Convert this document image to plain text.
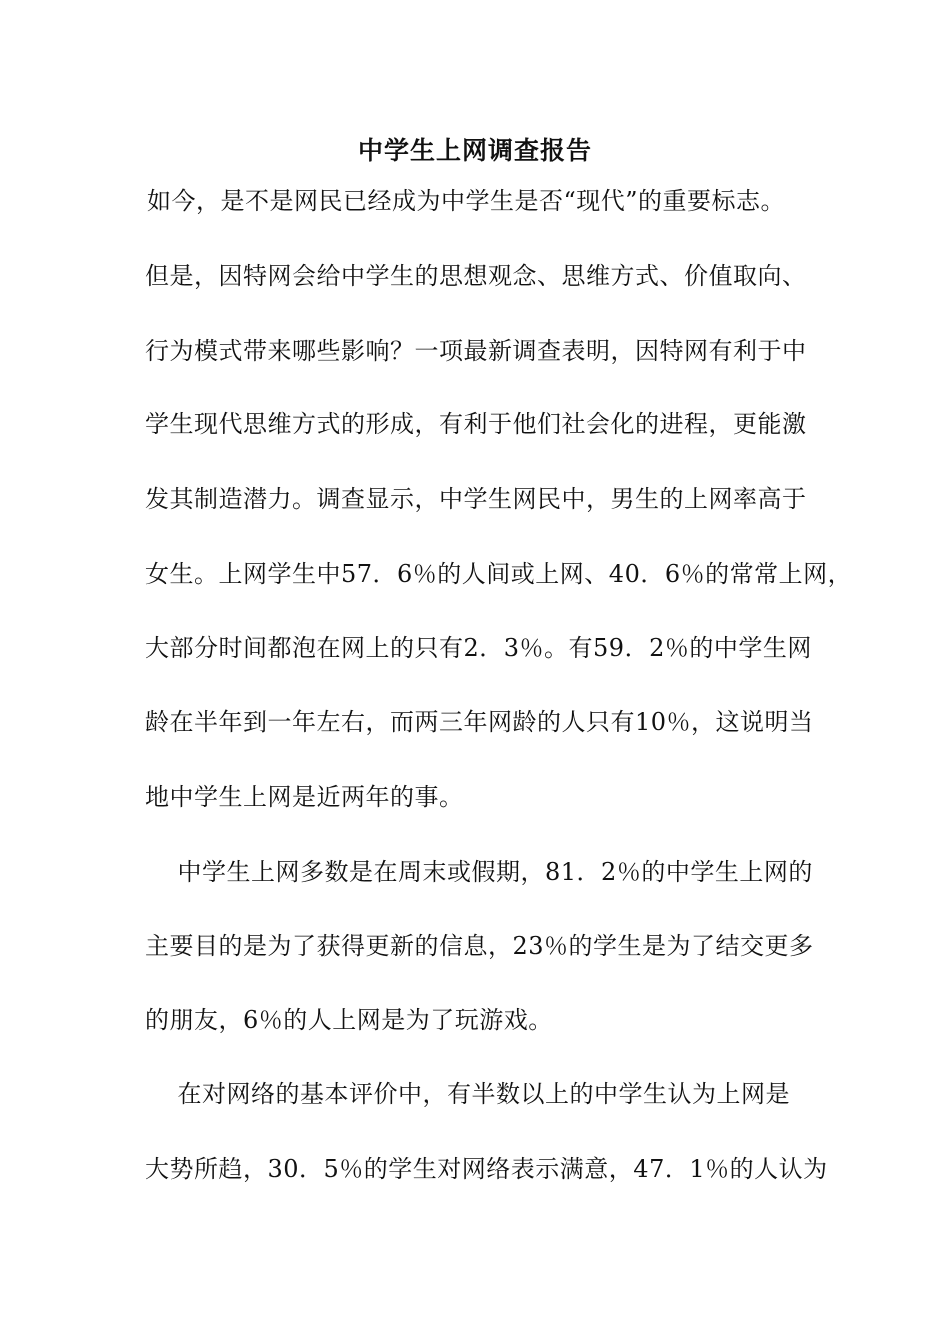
中学生上网调查报告
如今，是不是网民已经成为中学生是否“现代”的重要标志。
但是，因特网会给中学生的思想观念、思维方式、价值取向、
行为模式带来哪些影响？一项最新调查表明，因特网有利于中
学生现代思维方式的形成，有利于他们社会化的进程，更能激
发其制造潜力。调查显示，中学生网民中，男生的上网率高于
女生。上网学生中57．6％的人间或上网、40．6％的常常上网，
大部分时间都泡在网上的只有2．3％。有59．2％的中学生网
龄在半年到一年左右，而两三年网龄的人只有10％，这说明当
地中学生上网是近两年的事。
中学生上网多数是在周末或假期，81．2％的中学生上网的
主要目的是为了获得更新的信息，23％的学生是为了结交更多
的朋友，6％的人上网是为了玩游戏。
在对网络的基本评价中，有半数以上的中学生认为上网是
大势所趋，30．5％的学生对网络表示满意，47．1％的人认为
